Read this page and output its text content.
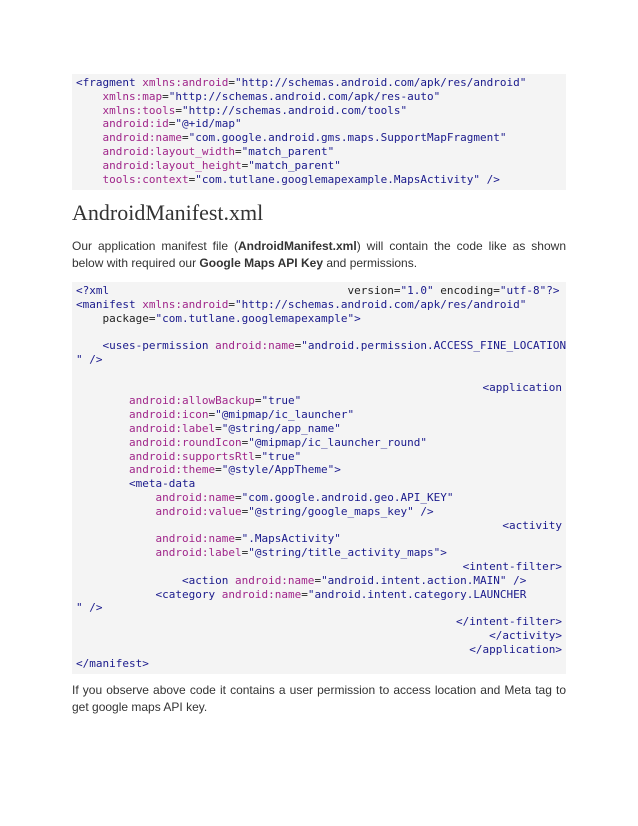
<fragment xmlns:android="http://schemas.android.com/apk/res/android"
xmlns:map="http://schemas.android.com/apk/res-auto"
xmlns:tools="http://schemas.android.com/tools"
android:id="@+id/map"
android:name="com.google.android.gms.maps.SupportMapFragment"
android:layout_width="match_parent"
android:layout_height="match_parent"
tools:context="com.tutlane.googlemapexample.MapsActivity" />
AndroidManifest.xml

Our application manifest file (AndroidManifest.xml) will contain the code like as shown below with required our Google Maps API Key and permissions.

<?xml                                    version="1.0" encoding="utf-8"?>
<manifest xmlns:android="http://schemas.android.com/apk/res/android"
package="com.tutlane.googlemapexample">

<uses-permission android:name="android.permission.ACCESS_FINE_LOCATION
" />

<application
android:allowBackup="true"
android:icon="@mipmap/ic_launcher"
android:label="@string/app_name"
android:roundIcon="@mipmap/ic_launcher_round"
android:supportsRtl="true"
android:theme="@style/AppTheme">
<meta-data
android:name="com.google.android.geo.API_KEY"
android:value="@string/google_maps_key" />
<activity
android:name=".MapsActivity"
android:label="@string/title_activity_maps">
<intent-filter>
<action android:name="android.intent.action.MAIN" />
<category android:name="android.intent.category.LAUNCHER
" />
</intent-filter>
</activity>
</application>
</manifest>

If you observe above code it contains a user permission to access location and Meta tag to get google maps API key.
